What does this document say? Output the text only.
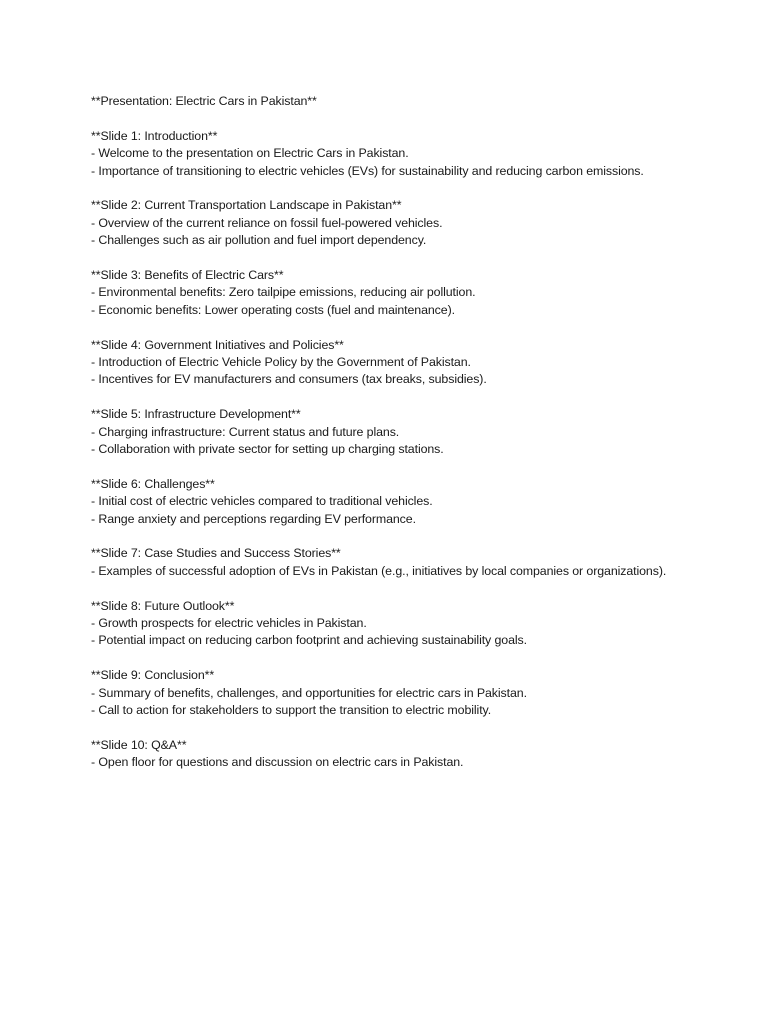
**Presentation: Electric Cars in Pakistan**

**Slide 1: Introduction**

- Welcome to the presentation on Electric Cars in Pakistan.
- Importance of transitioning to electric vehicles (EVs) for sustainability and reducing carbon emissions.

**Slide 2: Current Transportation Landscape in Pakistan**

- Overview of the current reliance on fossil fuel-powered vehicles.
- Challenges such as air pollution and fuel import dependency.

**Slide 3: Benefits of Electric Cars**

- Environmental benefits: Zero tailpipe emissions, reducing air pollution.
- Economic benefits: Lower operating costs (fuel and maintenance).

**Slide 4: Government Initiatives and Policies**

- Introduction of Electric Vehicle Policy by the Government of Pakistan.
- Incentives for EV manufacturers and consumers (tax breaks, subsidies).

**Slide 5: Infrastructure Development**

- Charging infrastructure: Current status and future plans.
- Collaboration with private sector for setting up charging stations.

**Slide 6: Challenges**

- Initial cost of electric vehicles compared to traditional vehicles.
- Range anxiety and perceptions regarding EV performance.

**Slide 7: Case Studies and Success Stories**

- Examples of successful adoption of EVs in Pakistan (e.g., initiatives by local companies or organizations).

**Slide 8: Future Outlook**

- Growth prospects for electric vehicles in Pakistan.
- Potential impact on reducing carbon footprint and achieving sustainability goals.

**Slide 9: Conclusion**

- Summary of benefits, challenges, and opportunities for electric cars in Pakistan.
- Call to action for stakeholders to support the transition to electric mobility.

**Slide 10: Q&A**

- Open floor for questions and discussion on electric cars in Pakistan.
